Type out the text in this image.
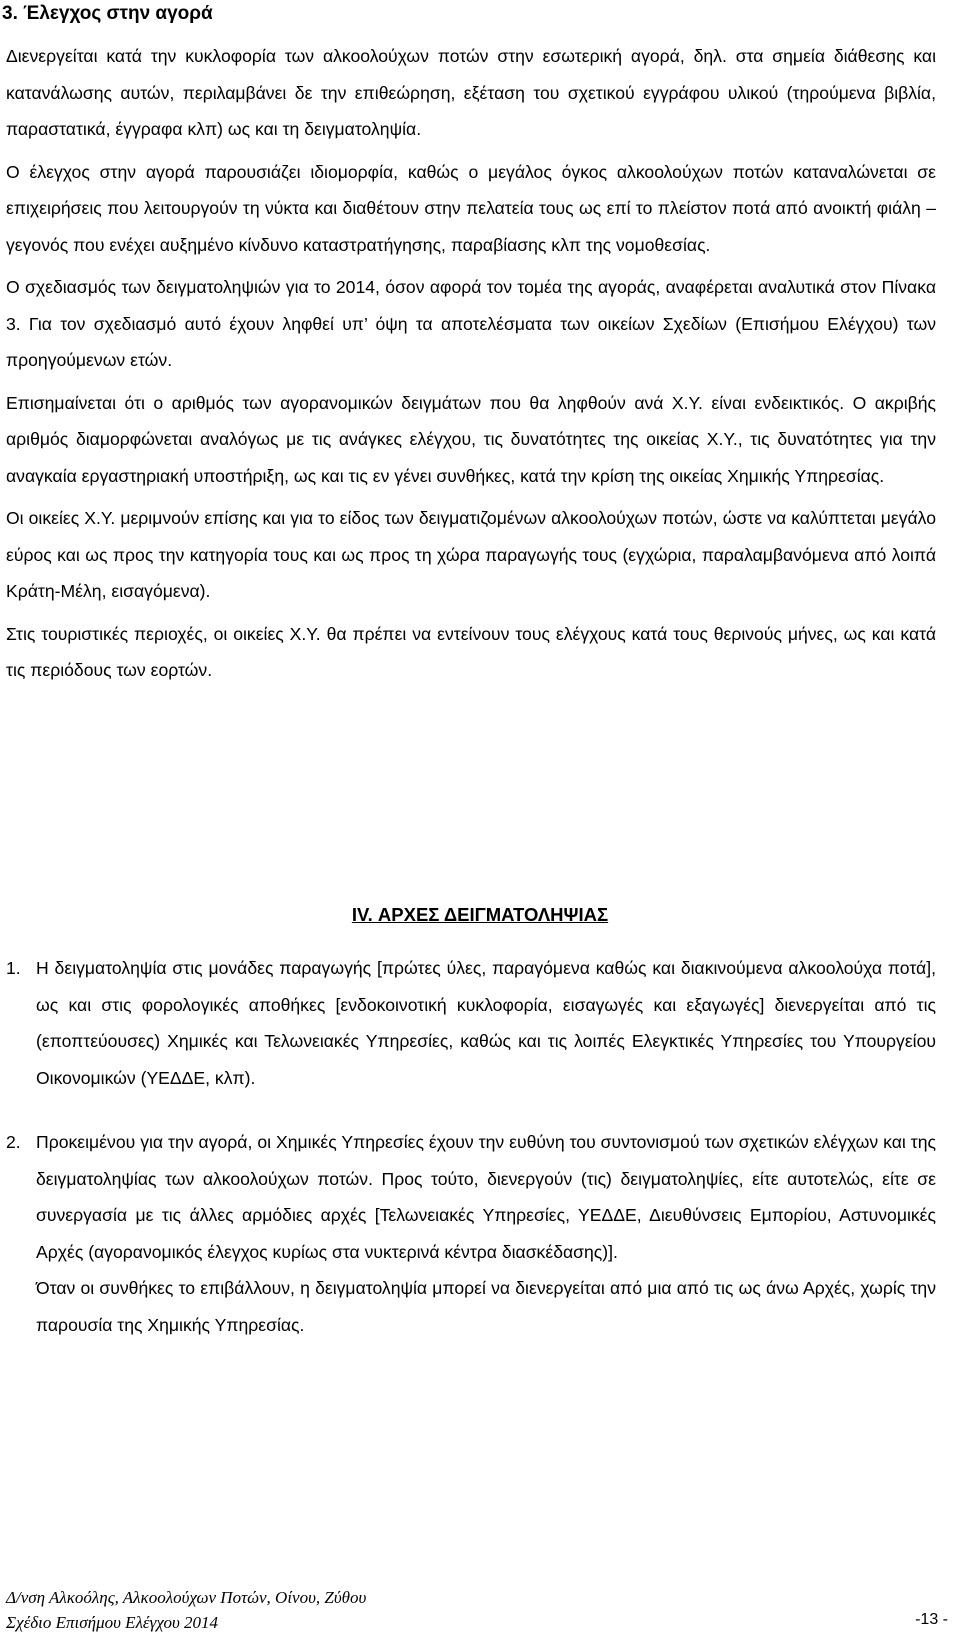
3. Έλεγχος στην αγορά

Διενεργείται κατά την κυκλοφορία των αλκοολούχων ποτών στην εσωτερική αγορά, δηλ. στα σημεία διάθεσης και κατανάλωσης αυτών, περιλαμβάνει δε την επιθεώρηση, εξέταση του σχετικού εγγράφου υλικού (τηρούμενα βιβλία, παραστατικά, έγγραφα κλπ) ως και τη δειγματοληψία.

Ο έλεγχος στην αγορά παρουσιάζει ιδιομορφία, καθώς ο μεγάλος όγκος αλκοολούχων ποτών καταναλώνεται σε επιχειρήσεις που λειτουργούν τη νύκτα και διαθέτουν στην πελατεία τους ως επί το πλείστον ποτά από ανοικτή φιάλη – γεγονός που ενέχει αυξημένο κίνδυνο καταστρατήγησης, παραβίασης κλπ της νομοθεσίας.

Ο σχεδιασμός των δειγματοληψιών για το 2014, όσον αφορά τον τομέα της αγοράς, αναφέρεται αναλυτικά στον Πίνακα 3. Για τον σχεδιασμό αυτό έχουν ληφθεί υπ’ όψη τα αποτελέσματα των οικείων Σχεδίων (Επισήμου Ελέγχου) των προηγούμενων ετών.

Επισημαίνεται ότι ο αριθμός των αγορανομικών δειγμάτων που θα ληφθούν ανά Χ.Υ. είναι ενδεικτικός. Ο ακριβής αριθμός διαμορφώνεται αναλόγως με τις ανάγκες ελέγχου, τις δυνατότητες της οικείας Χ.Υ., τις δυνατότητες για την αναγκαία εργαστηριακή υποστήριξη, ως και τις εν γένει συνθήκες, κατά την κρίση της οικείας Χημικής Υπηρεσίας.

Οι οικείες Χ.Υ. μεριμνούν επίσης και για το είδος των δειγματιζομένων αλκοολούχων ποτών, ώστε να καλύπτεται μεγάλο εύρος και ως προς την κατηγορία τους και ως προς τη χώρα παραγωγής τους (εγχώρια, παραλαμβανόμενα από λοιπά Κράτη-Μέλη, εισαγόμενα).

Στις τουριστικές περιοχές, οι οικείες Χ.Υ. θα πρέπει να εντείνουν τους ελέγχους κατά τους θερινούς μήνες, ως και κατά τις περιόδους των εορτών.

IV. ΑΡΧΕΣ ΔΕΙΓΜΑΤΟΛΗΨΙΑΣ
1. Η δειγματοληψία στις μονάδες παραγωγής [πρώτες ύλες, παραγόμενα καθώς και διακινούμενα αλκοολούχα ποτά], ως και στις φορολογικές αποθήκες [ενδοκοινοτική κυκλοφορία, εισαγωγές και εξαγωγές] διενεργείται από τις (εποπτεύουσες) Χημικές και Τελωνειακές Υπηρεσίες, καθώς και τις λοιπές Ελεγκτικές Υπηρεσίες του Υπουργείου Οικονομικών (ΥΕΔΔΕ, κλπ).

2. Προκειμένου για την αγορά, οι Χημικές Υπηρεσίες έχουν την ευθύνη του συντονισμού των σχετικών ελέγχων και της δειγματοληψίας των αλκοολούχων ποτών. Προς τούτο, διενεργούν (τις) δειγματοληψίες, είτε αυτοτελώς, είτε σε συνεργασία με τις άλλες αρμόδιες αρχές [Τελωνειακές Υπηρεσίες, ΥΕΔΔΕ, Διευθύνσεις Εμπορίου, Αστυνομικές Αρχές (αγορανομικός έλεγχος κυρίως στα νυκτερινά κέντρα διασκέδασης)].

Όταν οι συνθήκες το επιβάλλουν, η δειγματοληψία μπορεί να διενεργείται από μια από τις ως άνω Αρχές, χωρίς την παρουσία της Χημικής Υπηρεσίας.

Δ/νση Αλκοόλης, Αλκοολούχων Ποτών, Οίνου, Ζύθου
Σχέδιο Επισήμου Ελέγχου 2014	-13 -
